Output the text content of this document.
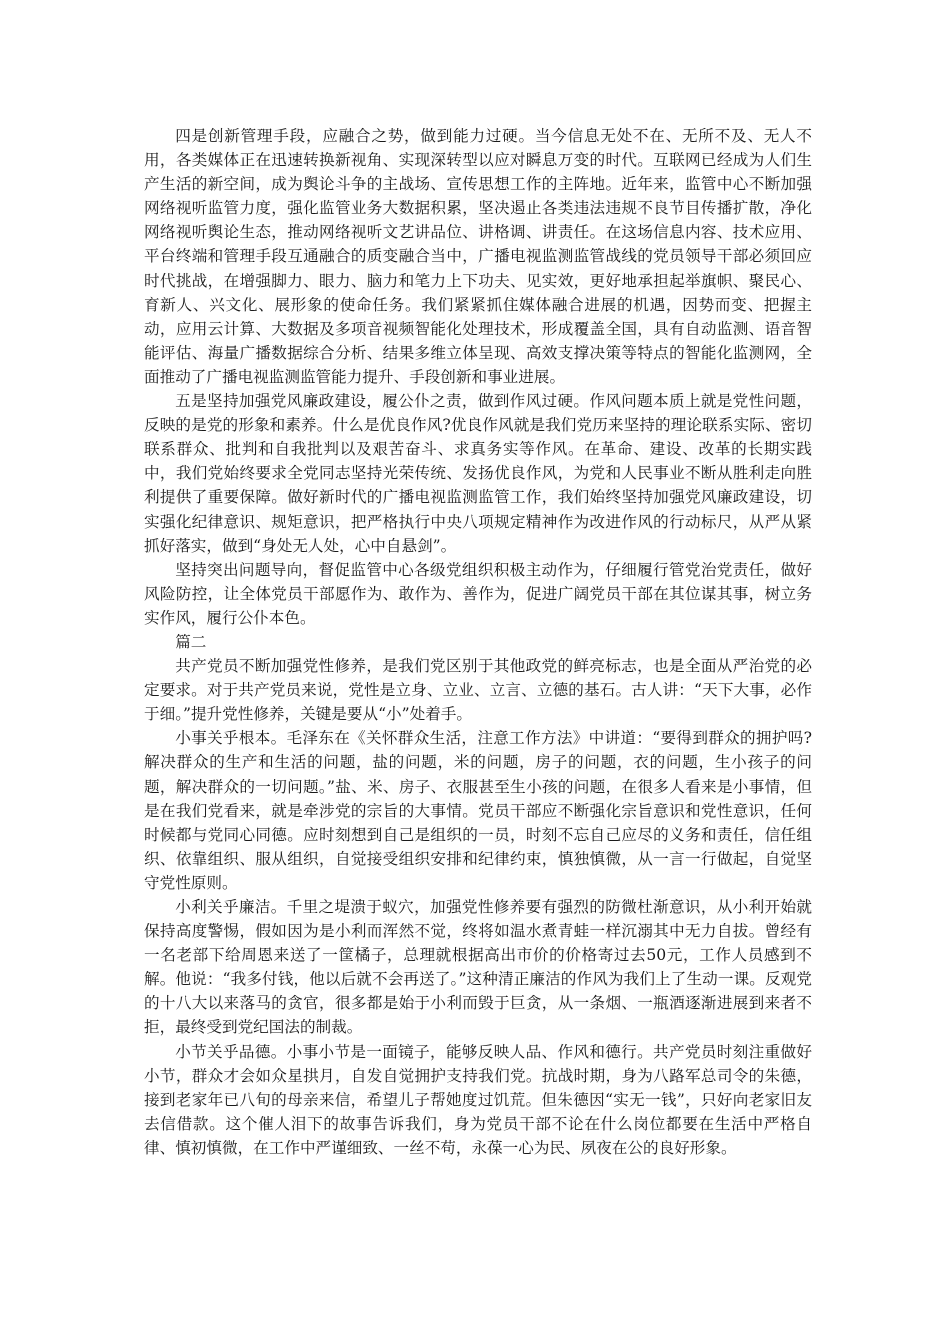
四是创新管理手段，应融合之势，做到能力过硬。当今信息无处不在、无所不及、无人不用，各类媒体正在迅速转换新视角、实现深转型以应对瞬息万变的时代。互联网已经成为人们生产生活的新空间，成为舆论斗争的主战场、宣传思想工作的主阵地。近年来，监管中心不断加强网络视听监管力度，强化监管业务大数据积累，坚决遏止各类违法违规不良节目传播扩散，净化网络视听舆论生态，推动网络视听文艺讲品位、讲格调、讲责任。在这场信息内容、技术应用、平台终端和管理手段互通融合的质变融合当中，广播电视监测监管战线的党员领导干部必须回应时代挑战，在增强脚力、眼力、脑力和笔力上下功夫、见实效，更好地承担起举旗帜、聚民心、育新人、兴文化、展形象的使命任务。我们紧紧抓住媒体融合进展的机遇，因势而变、把握主动，应用云计算、大数据及多项音视频智能化处理技术，形成覆盖全国，具有自动监测、语音智能评估、海量广播数据综合分析、结果多维立体呈现、高效支撑决策等特点的智能化监测网，全面推动了广播电视监测监管能力提升、手段创新和事业进展。

五是坚持加强党风廉政建设，履公仆之责，做到作风过硬。作风问题本质上就是党性问题，反映的是党的形象和素养。什么是优良作风?优良作风就是我们党历来坚持的理论联系实际、密切联系群众、批判和自我批判以及艰苦奋斗、求真务实等作风。在革命、建设、改革的长期实践中，我们党始终要求全党同志坚持光荣传统、发扬优良作风，为党和人民事业不断从胜利走向胜利提供了重要保障。做好新时代的广播电视监测监管工作，我们始终坚持加强党风廉政建设，切实强化纪律意识、规矩意识，把严格执行中央八项规定精神作为改进作风的行动标尺，从严从紧抓好落实，做到“身处无人处，心中自悬剑”。

坚持突出问题导向，督促监管中心各级党组织积极主动作为，仔细履行管党治党责任，做好风险防控，让全体党员干部愿作为、敢作为、善作为，促进广阔党员干部在其位谋其事，树立务实作风，履行公仆本色。

篇二

共产党员不断加强党性修养，是我们党区别于其他政党的鲜亮标志，也是全面从严治党的必定要求。对于共产党员来说，党性是立身、立业、立言、立德的基石。古人讲：“天下大事，必作于细。”提升党性修养，关键是要从“小”处着手。

小事关乎根本。毛泽东在《关怀群众生活，注意工作方法》中讲道：“要得到群众的拥护吗?解决群众的生产和生活的问题，盐的问题，米的问题，房子的问题，衣的问题，生小孩子的问题，解决群众的一切问题。”盐、米、房子、衣服甚至生小孩的问题，在很多人看来是小事情，但是在我们党看来，就是牵涉党的宗旨的大事情。党员干部应不断强化宗旨意识和党性意识，任何时候都与党同心同德。应时刻想到自己是组织的一员，时刻不忘自己应尽的义务和责任，信任组织、依靠组织、服从组织，自觉接受组织安排和纪律约束，慎独慎微，从一言一行做起，自觉坚守党性原则。

小利关乎廉洁。千里之堤溃于蚁穴，加强党性修养要有强烈的防微杜渐意识，从小利开始就保持高度警惕，假如因为是小利而浑然不觉，终将如温水煮青蛙一样沉溺其中无力自拔。曾经有一名老部下给周恩来送了一筐橘子，总理就根据高出市价的价格寄过去50元，工作人员感到不解。他说：“我多付钱，他以后就不会再送了。”这种清正廉洁的作风为我们上了生动一课。反观党的十八大以来落马的贪官，很多都是始于小利而毁于巨贪，从一条烟、一瓶酒逐渐进展到来者不拒，最终受到党纪国法的制裁。

小节关乎品德。小事小节是一面镜子，能够反映人品、作风和德行。共产党员时刻注重做好小节，群众才会如众星拱月，自发自觉拥护支持我们党。抗战时期，身为八路军总司令的朱德，接到老家年已八旬的母亲来信，希望儿子帮她度过饥荒。但朱德因“实无一钱”，只好向老家旧友去信借款。这个催人泪下的故事告诉我们，身为党员干部不论在什么岗位都要在生活中严格自律、慎初慎微，在工作中严谨细致、一丝不苟，永葆一心为民、夙夜在公的良好形象。
